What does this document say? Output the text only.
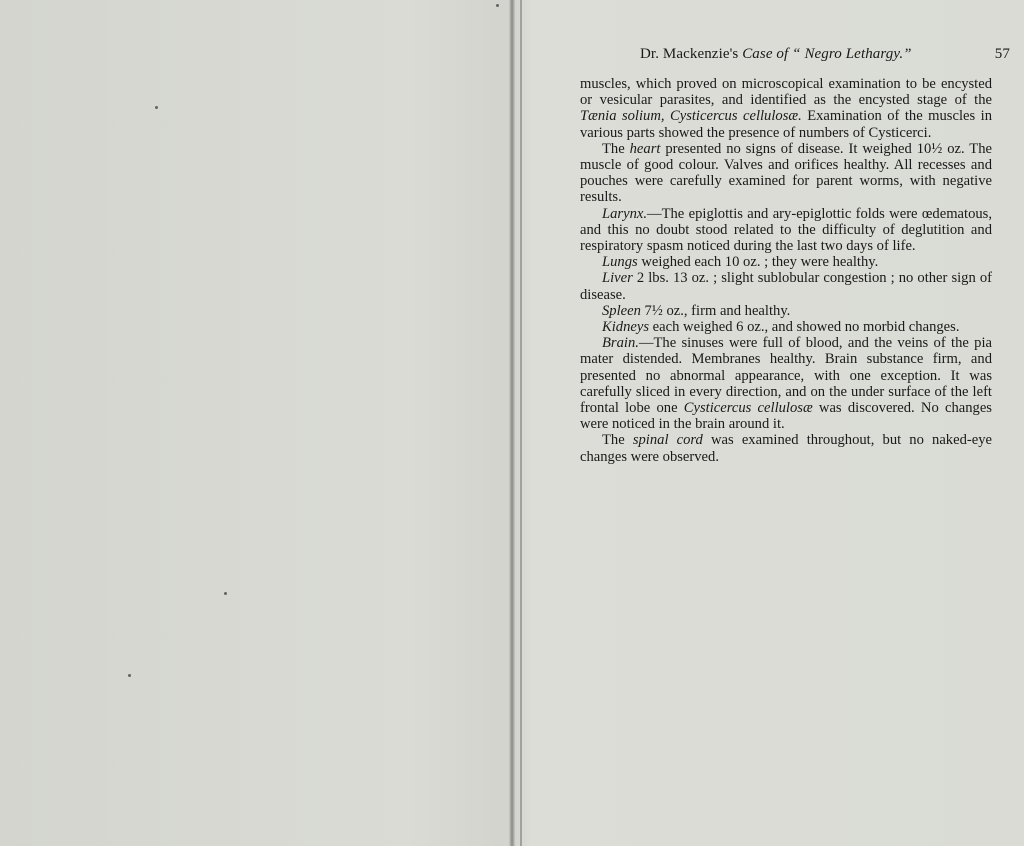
Dr. Mackenzie's Case of “ Negro Lethargy.”	57

muscles, which proved on microscopical examination to be encysted or vesicular parasites, and identified as the encysted stage of the Tænia solium, Cysticercus cellulosæ. Examination of the muscles in various parts showed the presence of numbers of Cysticerci.

The heart presented no signs of disease. It weighed 10½ oz. The muscle of good colour. Valves and orifices healthy. All recesses and pouches were carefully examined for parent worms, with negative results.

Larynx.—The epiglottis and ary-epiglottic folds were œdematous, and this no doubt stood related to the difficulty of deglutition and respiratory spasm noticed during the last two days of life.

Lungs weighed each 10 oz. ; they were healthy.

Liver 2 lbs. 13 oz. ; slight sublobular congestion ; no other sign of disease.

Spleen 7½ oz., firm and healthy.

Kidneys each weighed 6 oz., and showed no morbid changes.

Brain.—The sinuses were full of blood, and the veins of the pia mater distended. Membranes healthy. Brain substance firm, and presented no abnormal appearance, with one exception. It was carefully sliced in every direction, and on the under surface of the left frontal lobe one Cysticercus cellulosæ was discovered. No changes were noticed in the brain around it.

The spinal cord was examined throughout, but no naked-eye changes were observed.
